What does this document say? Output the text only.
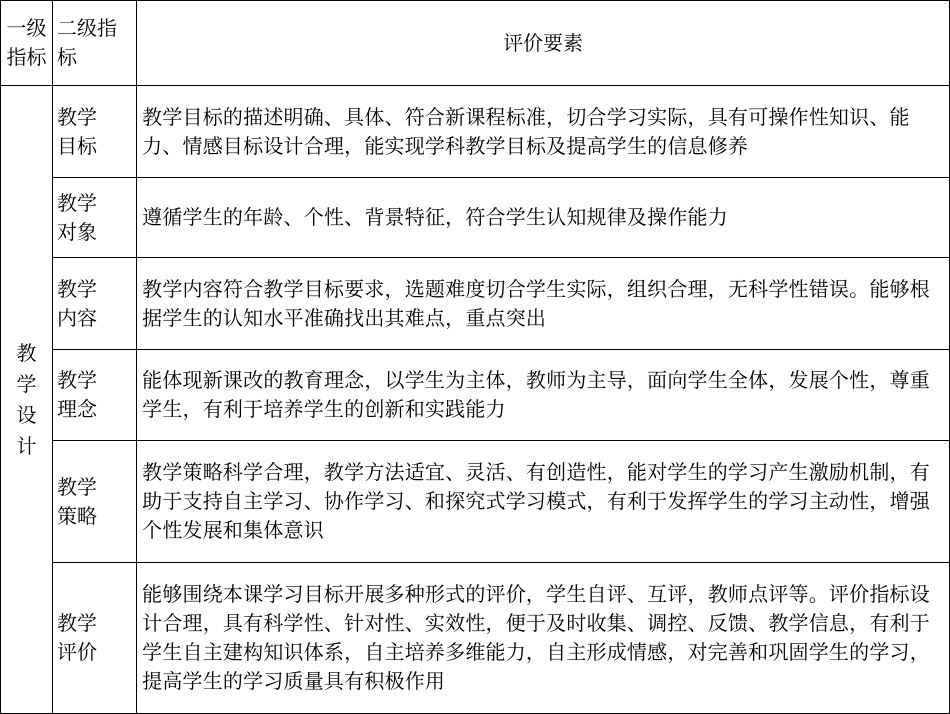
一级指标	二级指标	评价要素
教学设计	教学目标	教学目标的描述明确、具体、符合新课程标准，切合学习实际，具有可操作性知识、能力、情感目标设计合理，能实现学科教学目标及提高学生的信息修养
	教学对象	遵循学生的年龄、个性、背景特征，符合学生认知规律及操作能力
	教学内容	教学内容符合教学目标要求，选题难度切合学生实际，组织合理，无科学性错误。能够根据学生的认知水平准确找出其难点，重点突出
	教学理念	能体现新课改的教育理念，以学生为主体，教师为主导，面向学生全体，发展个性，尊重学生，有利于培养学生的创新和实践能力
	教学策略	教学策略科学合理，教学方法适宜、灵活、有创造性，能对学生的学习产生激励机制，有助于支持自主学习、协作学习、和探究式学习模式，有利于发挥学生的学习主动性，增强个性发展和集体意识
	教学评价	能够围绕本课学习目标开展多种形式的评价，学生自评、互评，教师点评等。评价指标设计合理，具有科学性、针对性、实效性，便于及时收集、调控、反馈、教学信息，有利于学生自主建构知识体系，自主培养多维能力，自主形成情感，对完善和巩固学生的学习，提高学生的学习质量具有积极作用
